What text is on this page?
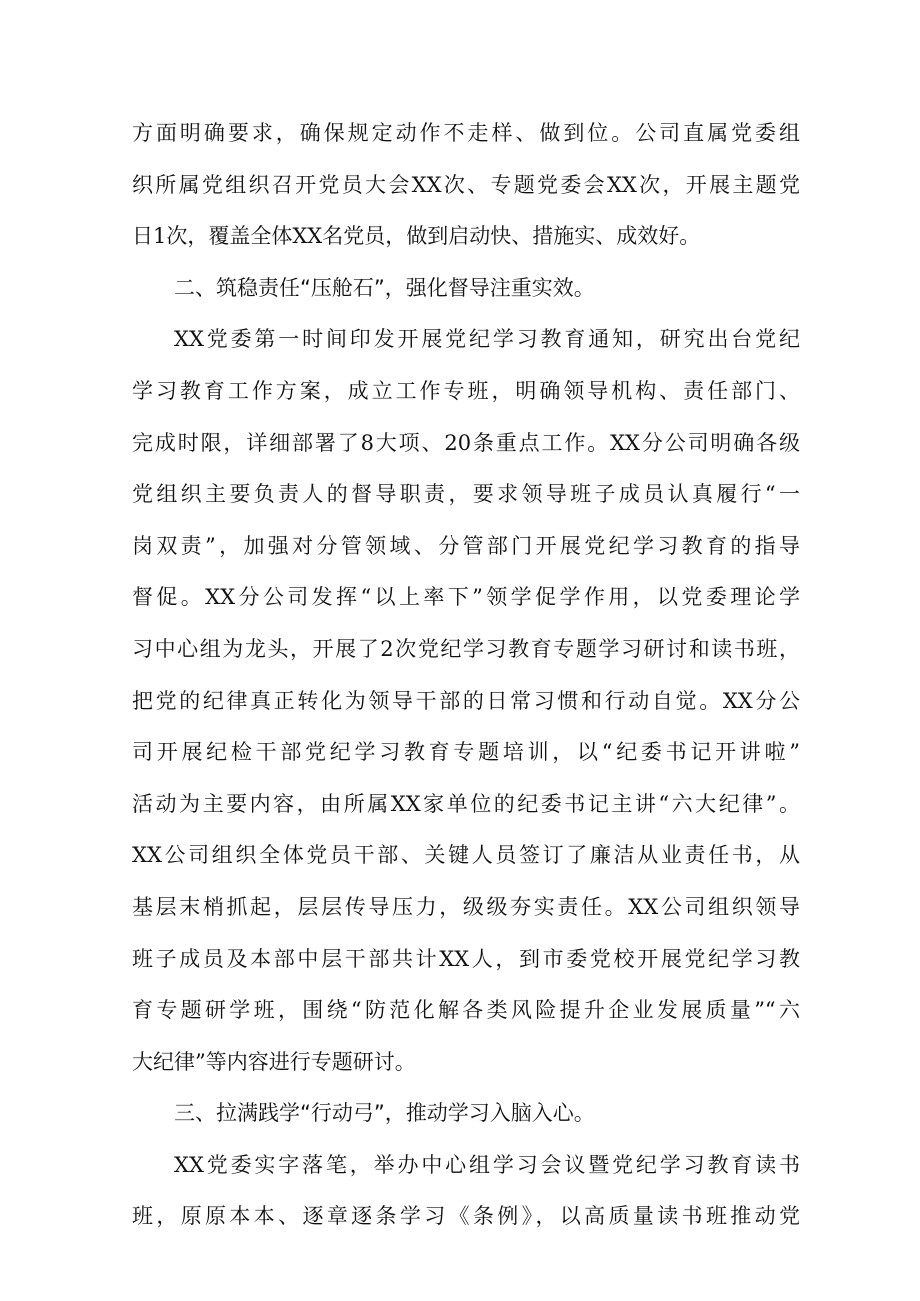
方面明确要求，确保规定动作不走样、做到位。公司直属党委组
织所属党组织召开党员大会XX次、专题党委会XX次，开展主题党
日1次，覆盖全体XX名党员，做到启动快、措施实、成效好。
二、筑稳责任“压舱石”，强化督导注重实效。
XX党委第一时间印发开展党纪学习教育通知，研究出台党纪
学习教育工作方案，成立工作专班，明确领导机构、责任部门、
完成时限，详细部署了8大项、20条重点工作。XX分公司明确各级
党组织主要负责人的督导职责，要求领导班子成员认真履行“一
岗双责”，加强对分管领域、分管部门开展党纪学习教育的指导
督促。XX分公司发挥“以上率下”领学促学作用，以党委理论学
习中心组为龙头，开展了2次党纪学习教育专题学习研讨和读书班，
把党的纪律真正转化为领导干部的日常习惯和行动自觉。XX分公
司开展纪检干部党纪学习教育专题培训，以“纪委书记开讲啦”
活动为主要内容，由所属XX家单位的纪委书记主讲“六大纪律”。
XX公司组织全体党员干部、关键人员签订了廉洁从业责任书，从
基层末梢抓起，层层传导压力，级级夯实责任。XX公司组织领导
班子成员及本部中层干部共计XX人，到市委党校开展党纪学习教
育专题研学班，围绕“防范化解各类风险提升企业发展质量”“六
大纪律”等内容进行专题研讨。
三、拉满践学“行动弓”，推动学习入脑入心。
XX党委实字落笔，举办中心组学习会议暨党纪学习教育读书
班，原原本本、逐章逐条学习《条例》，以高质量读书班推动党
